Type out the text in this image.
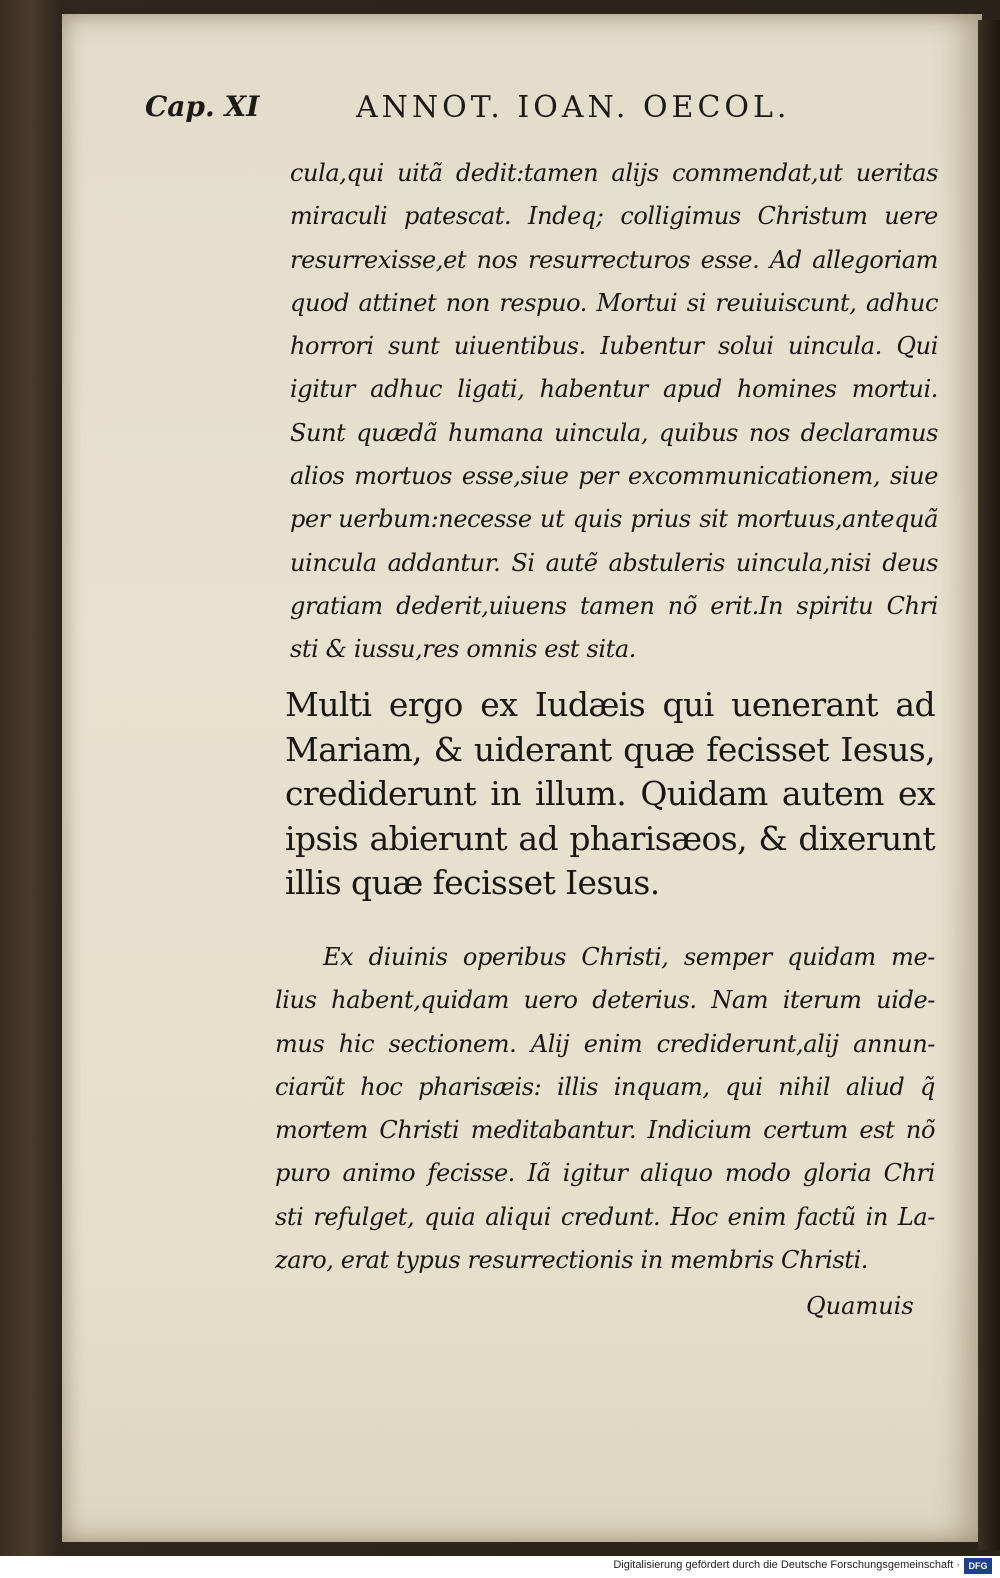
Cap. XI	ANNOT. IOAN. OECOL.
cula,qui uitã dedit:tamen alijs commendat,ut ueritas
miraculi patescat. Indeq; colligimus Christum uere
resurrexisse,et nos resurrecturos esse. Ad allegoriam
quod attinet non respuo. Mortui si reuiuiscunt, adhuc
horrori sunt uiuentibus. Iubentur solui uincula. Qui
igitur adhuc ligati, habentur apud homines mortui.
Sunt quædã humana uincula, quibus nos declaramus
alios mortuos esse,siue per excommunicationem, siue
per uerbum:necesse ut quis prius sit mortuus,antequã
uincula addantur. Si autẽ abstuleris uincula,nisi deus
gratiam dederit,uiuens tamen nõ erit.In spiritu Chri
sti & iussu,res omnis est sita.
Multi ergo ex Iudæis qui uenerant ad
Mariam, & uiderant quæ fecisset Iesus,
crediderunt in illum. Quidam autem ex
ipsis abierunt ad pharisæos, & dixerunt
illis quæ fecisset Iesus.
Ex diuinis operibus Christi, semper quidam me-
lius habent,quidam uero deterius. Nam iterum uide-
mus hic sectionem. Alij enim crediderunt,alij annun-
ciarũt hoc pharisæis: illis inquam, qui nihil aliud q̃
mortem Christi meditabantur. Indicium certum est nõ
puro animo fecisse. Iã igitur aliquo modo gloria Chri
sti refulget, quia aliqui credunt. Hoc enim factũ in La-
zaro, erat typus resurrectionis in membris Christi.
Quamuis
Digitalisierung gefördert durch die Deutsche Forschungsgemeinschaft · DFG
